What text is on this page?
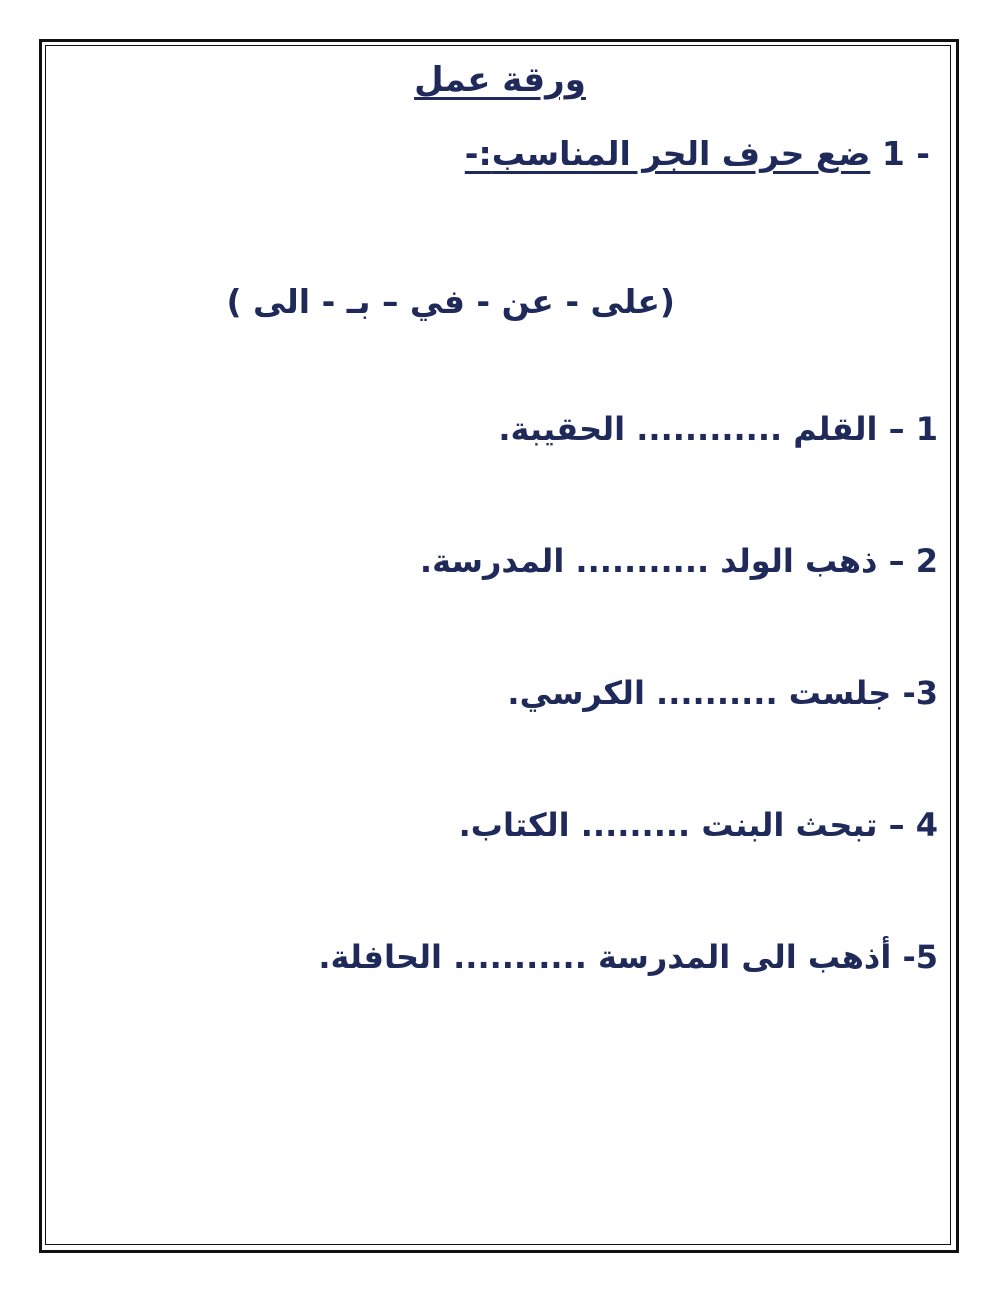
ورقة عمل
1 - ضع حرف الجر المناسب:-
(على - عن - في – بـ - الى )
1 – القلم ............ الحقيبة.
2 – ذهب الولد ........... المدرسة.
3- جلست .......... الكرسي.
4 – تبحث البنت ......... الكتاب.
5- أذهب الى المدرسة ........... الحافلة.
